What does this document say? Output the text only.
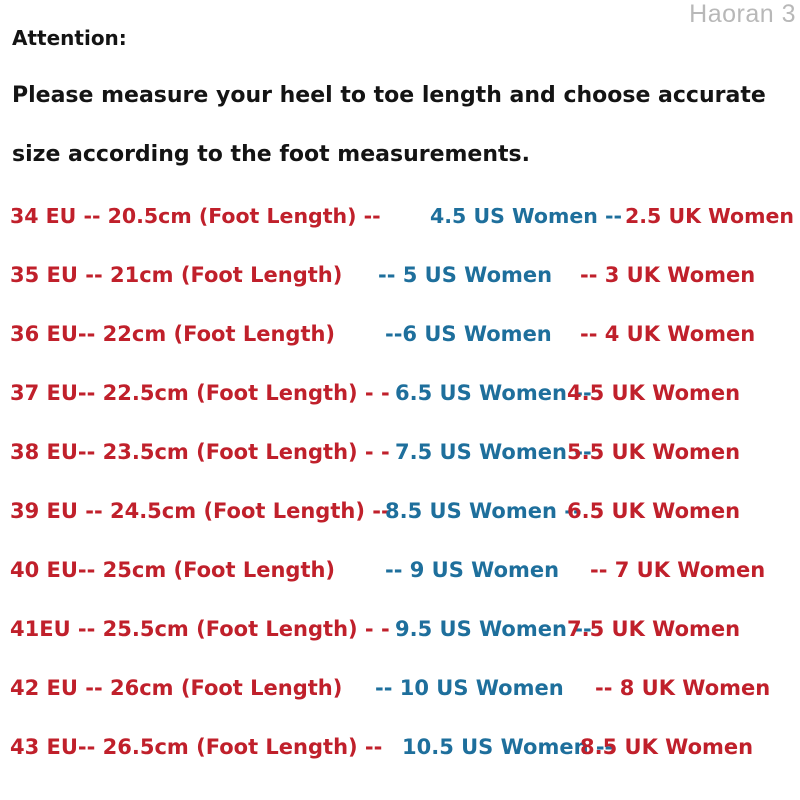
Haoran 3
Attention:
Please measure your heel to toe length and choose accurate
size according to the foot measurements.
34 EU -- 20.5cm (Foot Length) -- 4.5 US Women -- 2.5 UK Women
35 EU -- 21cm (Foot Length) -- 5 US Women -- 3 UK Women
36 EU-- 22cm (Foot Length) --6 US Women -- 4 UK Women
37 EU-- 22.5cm (Foot Length) - - 6.5 US Women --
4.5 UK Women
38 EU-- 23.5cm (Foot Length) - - 7.5 US Women --
5.5 UK Women
39 EU -- 24.5cm (Foot Length) --
8.5 US Women --
6.5 UK Women
40 EU-- 25cm (Foot Length) -- 9 US Women -- 7 UK Women
41EU -- 25.5cm (Foot Length) - - 9.5 US Women --
7.5 UK Women
42 EU -- 26cm (Foot Length) -- 10 US Women -- 8 UK Women
43 EU-- 26.5cm (Foot Length) -- 10.5 US Women --
8.5 UK Women
